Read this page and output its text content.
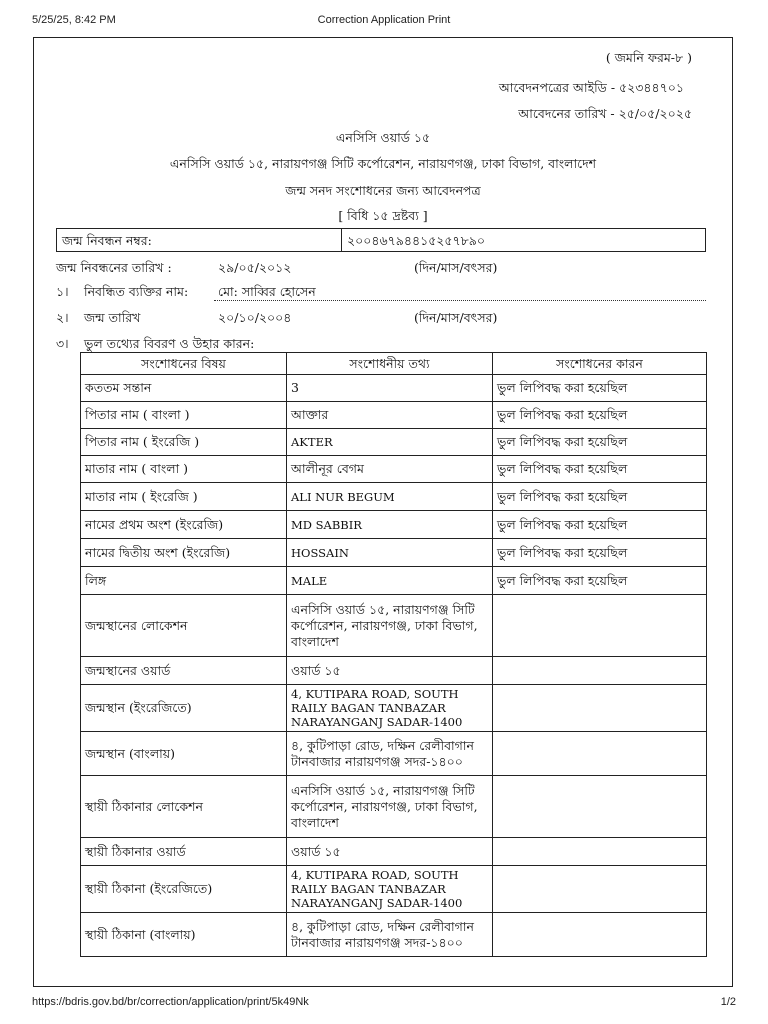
5/25/25, 8:42 PM	Correction Application Print
( জমনি ফরম-৮ )
আবেদনপত্রের আইডি - ৫২৩৪৪৭০১
আবেদনের তারিখ - ২৫/০৫/২০২৫
এনসিসি ওয়ার্ড ১৫
এনসিসি ওয়ার্ড ১৫, নারায়ণগঞ্জ সিটি কর্পোরেশন, নারায়ণগঞ্জ, ঢাকা বিভাগ, বাংলাদেশ
জন্ম সনদ সংশোধনের জন্য আবেদনপত্র
[ বিধি ১৫ দ্রষ্টব্য ]
জন্ম নিবন্ধন নম্বর:	২০০৪৬৭৯৪৪১৫২৫৭৮৯০
জন্ম নিবন্ধনের তারিখ :	২৯/০৫/২০১২	(দিন/মাস/বৎসর)
১। নিবন্ধিত ব্যক্তির নাম: মো: সাব্বির হোসেন
২। জন্ম তারিখ	২০/১০/২০০৪	(দিন/মাস/বৎসর)
৩। ভুল তথ্যের বিবরণ ও উহার কারন:
সংশোধনের বিষয়	সংশোধনীয় তথ্য	সংশোধনের কারন
কততম সন্তান	3	ভুল লিপিবদ্ধ করা হয়েছিল
পিতার নাম ( বাংলা )	আক্তার	ভুল লিপিবদ্ধ করা হয়েছিল
পিতার নাম ( ইংরেজি )	AKTER	ভুল লিপিবদ্ধ করা হয়েছিল
মাতার নাম ( বাংলা )	আলীনূর বেগম	ভুল লিপিবদ্ধ করা হয়েছিল
মাতার নাম ( ইংরেজি )	ALI NUR BEGUM	ভুল লিপিবদ্ধ করা হয়েছিল
নামের প্রথম অংশ (ইংরেজি)	MD SABBIR	ভুল লিপিবদ্ধ করা হয়েছিল
নামের দ্বিতীয় অংশ (ইংরেজি)	HOSSAIN	ভুল লিপিবদ্ধ করা হয়েছিল
লিঙ্গ	MALE	ভুল লিপিবদ্ধ করা হয়েছিল
জন্মস্থানের লোকেশন	এনসিসি ওয়ার্ড ১৫, নারায়ণগঞ্জ সিটি কর্পোরেশন, নারায়ণগঞ্জ, ঢাকা বিভাগ, বাংলাদেশ	
জন্মস্থানের ওয়ার্ড	ওয়ার্ড ১৫	
জন্মস্থান (ইংরেজিতে)	4, KUTIPARA ROAD, SOUTH RAILY BAGAN TANBAZAR NARAYANGANJ SADAR-1400	
জন্মস্থান (বাংলায়)	৪, কুটিপাড়া রোড, দক্ষিন রেলীবাগান টানবাজার নারায়ণগঞ্জ সদর-১৪০০	
স্থায়ী ঠিকানার লোকেশন	এনসিসি ওয়ার্ড ১৫, নারায়ণগঞ্জ সিটি কর্পোরেশন, নারায়ণগঞ্জ, ঢাকা বিভাগ, বাংলাদেশ	
স্থায়ী ঠিকানার ওয়ার্ড	ওয়ার্ড ১৫	
স্থায়ী ঠিকানা (ইংরেজিতে)	4, KUTIPARA ROAD, SOUTH RAILY BAGAN TANBAZAR NARAYANGANJ SADAR-1400	
স্থায়ী ঠিকানা (বাংলায়)	৪, কুটিপাড়া রোড, দক্ষিন রেলীবাগান টানবাজার নারায়ণগঞ্জ সদর-১৪০০	
https://bdris.gov.bd/br/correction/application/print/5k49Nk	1/2
